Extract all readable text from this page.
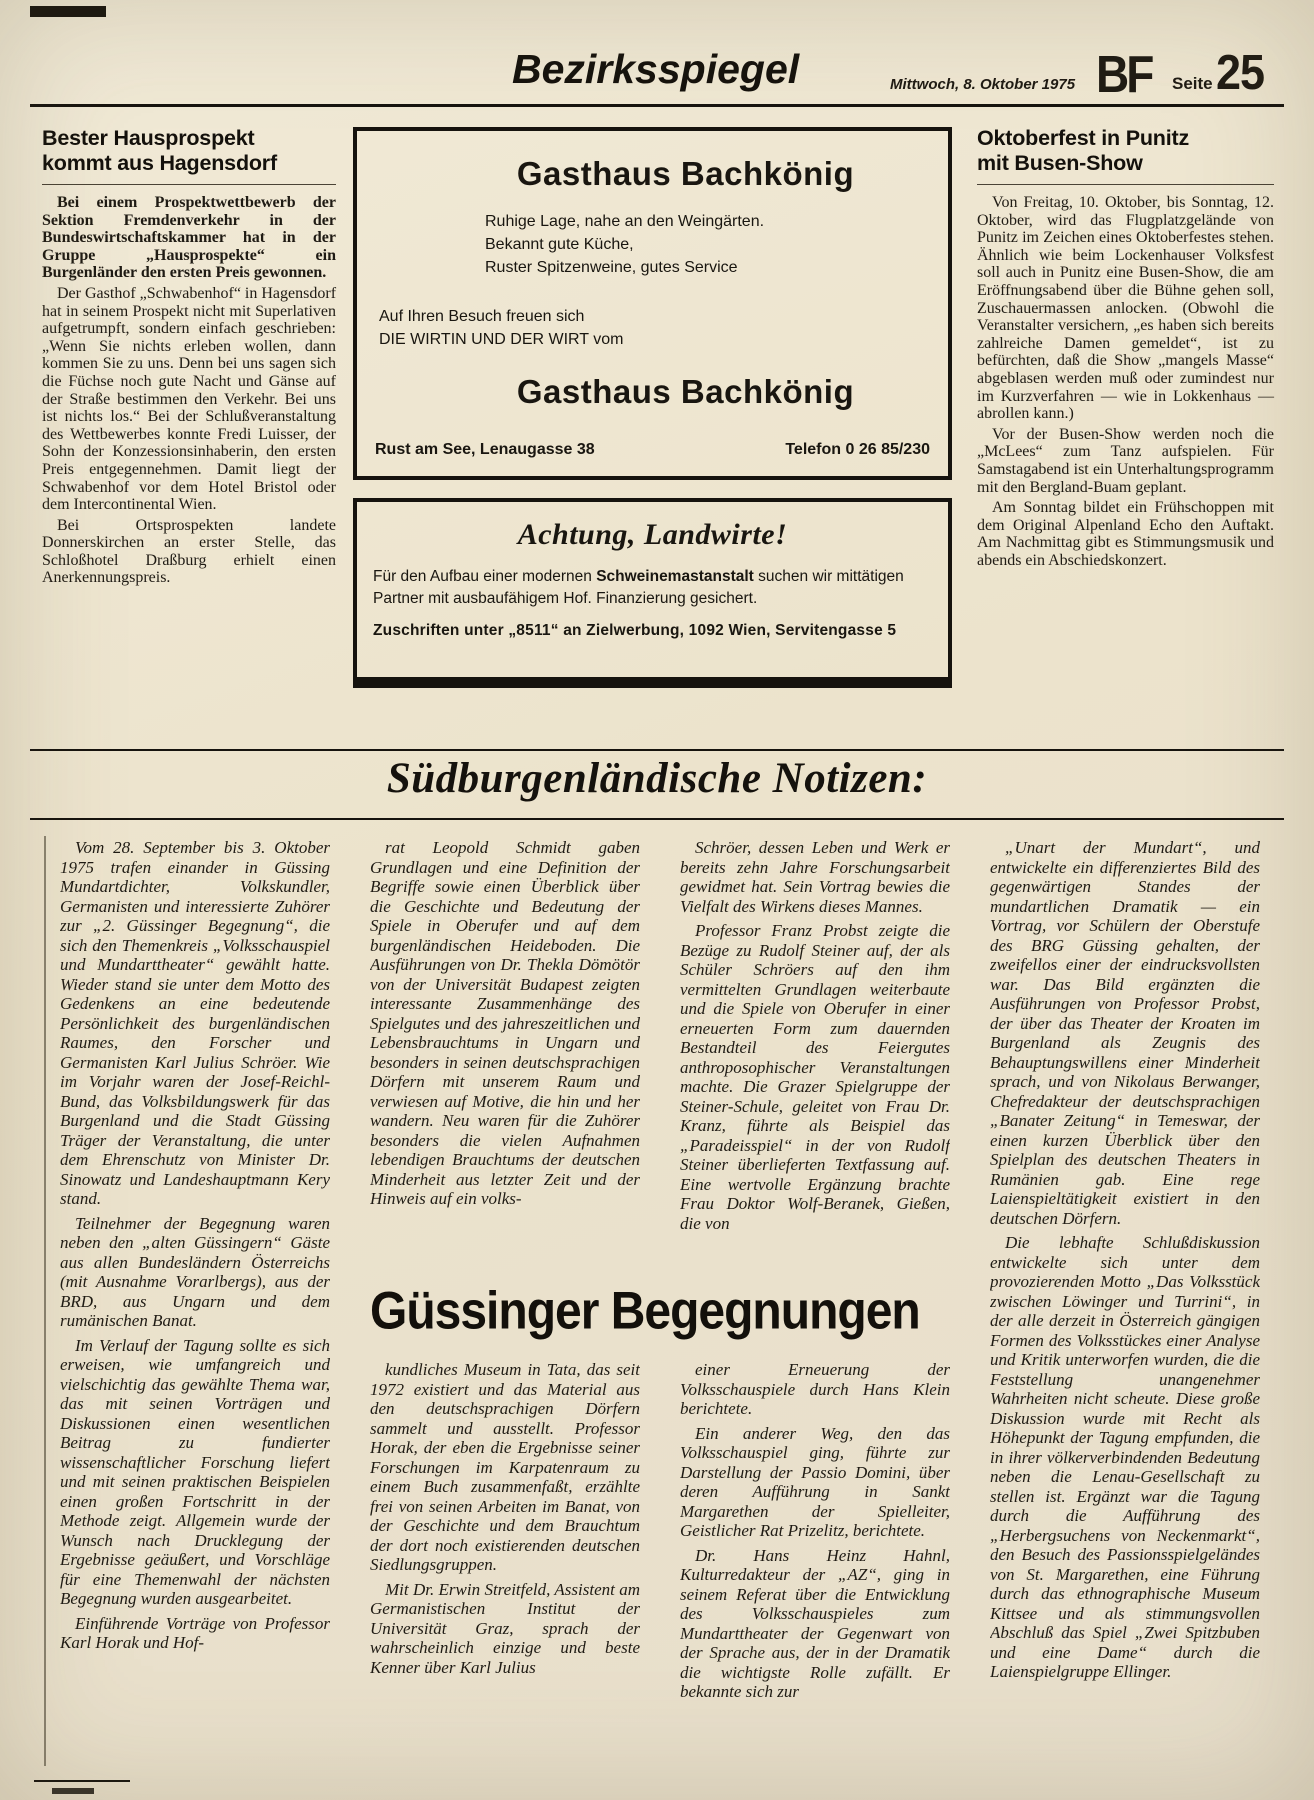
Bezirksspiegel	Mittwoch, 8. Oktober 1975 BF Seite 25
Bester Hausprospekt
kommt aus Hagensdorf

Bei einem Prospektwettbewerb der Sektion Fremdenverkehr in der Bundeswirtschaftskammer hat in der Gruppe „Hausprospekte“ ein Burgenländer den ersten Preis gewonnen.

Der Gasthof „Schwabenhof“ in Hagensdorf hat in seinem Prospekt nicht mit Superlativen aufgetrumpft, sondern einfach geschrieben: „Wenn Sie nichts erleben wollen, dann kommen Sie zu uns. Denn bei uns sagen sich die Füchse noch gute Nacht und Gänse auf der Straße bestimmen den Verkehr. Bei uns ist nichts los.“ Bei der Schlußveranstaltung des Wettbewerbes konnte Fredi Luisser, der Sohn der Konzessionsinhaberin, den ersten Preis entgegennehmen. Damit liegt der Schwabenhof vor dem Hotel Bristol oder dem Intercontinental Wien.

Bei Ortsprospekten landete Donnerskirchen an erster Stelle, das Schloßhotel Draßburg erhielt einen Anerkennungspreis.

Gasthaus Bachkönig
Ruhige Lage, nahe an den Weingärten.
Bekannt gute Küche,
Ruster Spitzenweine, gutes Service
Auf Ihren Besuch freuen sich
DIE WIRTIN UND DER WIRT vom
Gasthaus Bachkönig
Rust am See, Lenaugasse 38	Telefon 0 26 85/230
Achtung, Landwirte!
Für den Aufbau einer modernen Schweinemastanstalt suchen wir mittätigen Partner mit ausbaufähigem Hof. Finanzierung gesichert.
Zuschriften unter „8511“ an Zielwerbung, 1092 Wien, Servitengasse 5
Oktoberfest in Punitz
mit Busen-Show

Von Freitag, 10. Oktober, bis Sonntag, 12. Oktober, wird das Flugplatzgelände von Punitz im Zeichen eines Oktoberfestes stehen. Ähnlich wie beim Lockenhauser Volksfest soll auch in Punitz eine Busen-Show, die am Eröffnungsabend über die Bühne gehen soll, Zuschauermassen anlocken. (Obwohl die Veranstalter versichern, „es haben sich bereits zahlreiche Damen gemeldet“, ist zu befürchten, daß die Show „mangels Masse“ abgeblasen werden muß oder zumindest nur im Kurzverfahren — wie in Lokkenhaus — abrollen kann.)

Vor der Busen-Show werden noch die „McLees“ zum Tanz aufspielen. Für Samstagabend ist ein Unterhaltungsprogramm mit den Bergland-Buam geplant.

Am Sonntag bildet ein Frühschoppen mit dem Original Alpenland Echo den Auftakt. Am Nachmittag gibt es Stimmungsmusik und abends ein Abschiedskonzert.

Südburgenländische Notizen:

Vom 28. September bis 3. Oktober 1975 trafen einander in Güssing Mundartdichter, Volkskundler, Germanisten und interessierte Zuhörer zur „2. Güssinger Begegnung“, die sich den Themenkreis „Volksschauspiel und Mundarttheater“ gewählt hatte. Wieder stand sie unter dem Motto des Gedenkens an eine bedeutende Persönlichkeit des burgenländischen Raumes, den Forscher und Germanisten Karl Julius Schröer. Wie im Vorjahr waren der Josef-Reichl-Bund, das Volksbildungswerk für das Burgenland und die Stadt Güssing Träger der Veranstaltung, die unter dem Ehrenschutz von Minister Dr. Sinowatz und Landeshauptmann Kery stand.

Teilnehmer der Begegnung waren neben den „alten Güssingern“ Gäste aus allen Bundesländern Österreichs (mit Ausnahme Vorarlbergs), aus der BRD, aus Ungarn und dem rumänischen Banat.

Im Verlauf der Tagung sollte es sich erweisen, wie umfangreich und vielschichtig das gewählte Thema war, das mit seinen Vorträgen und Diskussionen einen wesentlichen Beitrag zu fundierter wissenschaftlicher Forschung liefert und mit seinen praktischen Beispielen einen großen Fortschritt in der Methode zeigt. Allgemein wurde der Wunsch nach Drucklegung der Ergebnisse geäußert, und Vorschläge für eine Themenwahl der nächsten Begegnung wurden ausgearbeitet.

Einführende Vorträge von Professor Karl Horak und Hof-

rat Leopold Schmidt gaben Grundlagen und eine Definition der Begriffe sowie einen Überblick über die Geschichte und Bedeutung der Spiele in Oberufer und auf dem burgenländischen Heideboden. Die Ausführungen von Dr. Thekla Dömötör von der Universität Budapest zeigten interessante Zusammenhänge des Spielgutes und des jahreszeitlichen und Lebensbrauchtums in Ungarn und besonders in seinen deutschsprachigen Dörfern mit unserem Raum und verwiesen auf Motive, die hin und her wandern. Neu waren für die Zuhörer besonders die vielen Aufnahmen lebendigen Brauchtums der deutschen Minderheit aus letzter Zeit und der Hinweis auf ein volks-

Schröer, dessen Leben und Werk er bereits zehn Jahre Forschungsarbeit gewidmet hat. Sein Vortrag bewies die Vielfalt des Wirkens dieses Mannes.

Professor Franz Probst zeigte die Bezüge zu Rudolf Steiner auf, der als Schüler Schröers auf den ihm vermittelten Grundlagen weiterbaute und die Spiele von Oberufer in einer erneuerten Form zum dauernden Bestandteil des Feiergutes anthroposophischer Veranstaltungen machte. Die Grazer Spielgruppe der Steiner-Schule, geleitet von Frau Dr. Kranz, führte als Beispiel das „Paradeisspiel“ in der von Rudolf Steiner überlieferten Textfassung auf. Eine wertvolle Ergänzung brachte Frau Doktor Wolf-Beranek, Gießen, die von

Güssinger Begegnungen

kundliches Museum in Tata, das seit 1972 existiert und das Material aus den deutschsprachigen Dörfern sammelt und ausstellt. Professor Horak, der eben die Ergebnisse seiner Forschungen im Karpatenraum zu einem Buch zusammenfaßt, erzählte frei von seinen Arbeiten im Banat, von der Geschichte und dem Brauchtum der dort noch existierenden deutschen Siedlungsgruppen.

Mit Dr. Erwin Streitfeld, Assistent am Germanistischen Institut der Universität Graz, sprach der wahrscheinlich einzige und beste Kenner über Karl Julius

einer Erneuerung der Volksschauspiele durch Hans Klein berichtete.

Ein anderer Weg, den das Volksschauspiel ging, führte zur Darstellung der Passio Domini, über deren Aufführung in Sankt Margarethen der Spielleiter, Geistlicher Rat Prizelitz, berichtete.

Dr. Hans Heinz Hahnl, Kulturredakteur der „AZ“, ging in seinem Referat über die Entwicklung des Volksschauspieles zum Mundarttheater der Gegenwart von der Sprache aus, der in der Dramatik die wichtigste Rolle zufällt. Er bekannte sich zur

„Unart der Mundart“, und entwickelte ein differenziertes Bild des gegenwärtigen Standes der mundartlichen Dramatik — ein Vortrag, vor Schülern der Oberstufe des BRG Güssing gehalten, der zweifellos einer der eindrucksvollsten war. Das Bild ergänzten die Ausführungen von Professor Probst, der über das Theater der Kroaten im Burgenland als Zeugnis des Behauptungswillens einer Minderheit sprach, und von Nikolaus Berwanger, Chefredakteur der deutschsprachigen „Banater Zeitung“ in Temeswar, der einen kurzen Überblick über den Spielplan des deutschen Theaters in Rumänien gab. Eine rege Laienspieltätigkeit existiert in den deutschen Dörfern.

Die lebhafte Schlußdiskussion entwickelte sich unter dem provozierenden Motto „Das Volksstück zwischen Löwinger und Turrini“, in der alle derzeit in Österreich gängigen Formen des Volksstückes einer Analyse und Kritik unterworfen wurden, die die Feststellung unangenehmer Wahrheiten nicht scheute. Diese große Diskussion wurde mit Recht als Höhepunkt der Tagung empfunden, die in ihrer völkerverbindenden Bedeutung neben die Lenau-Gesellschaft zu stellen ist. Ergänzt war die Tagung durch die Aufführung des „Herbergsuchens von Neckenmarkt“, den Besuch des Passionsspielgeländes von St. Margarethen, eine Führung durch das ethnographische Museum Kittsee und als stimmungsvollen Abschluß das Spiel „Zwei Spitzbuben und eine Dame“ durch die Laienspielgruppe Ellinger.
